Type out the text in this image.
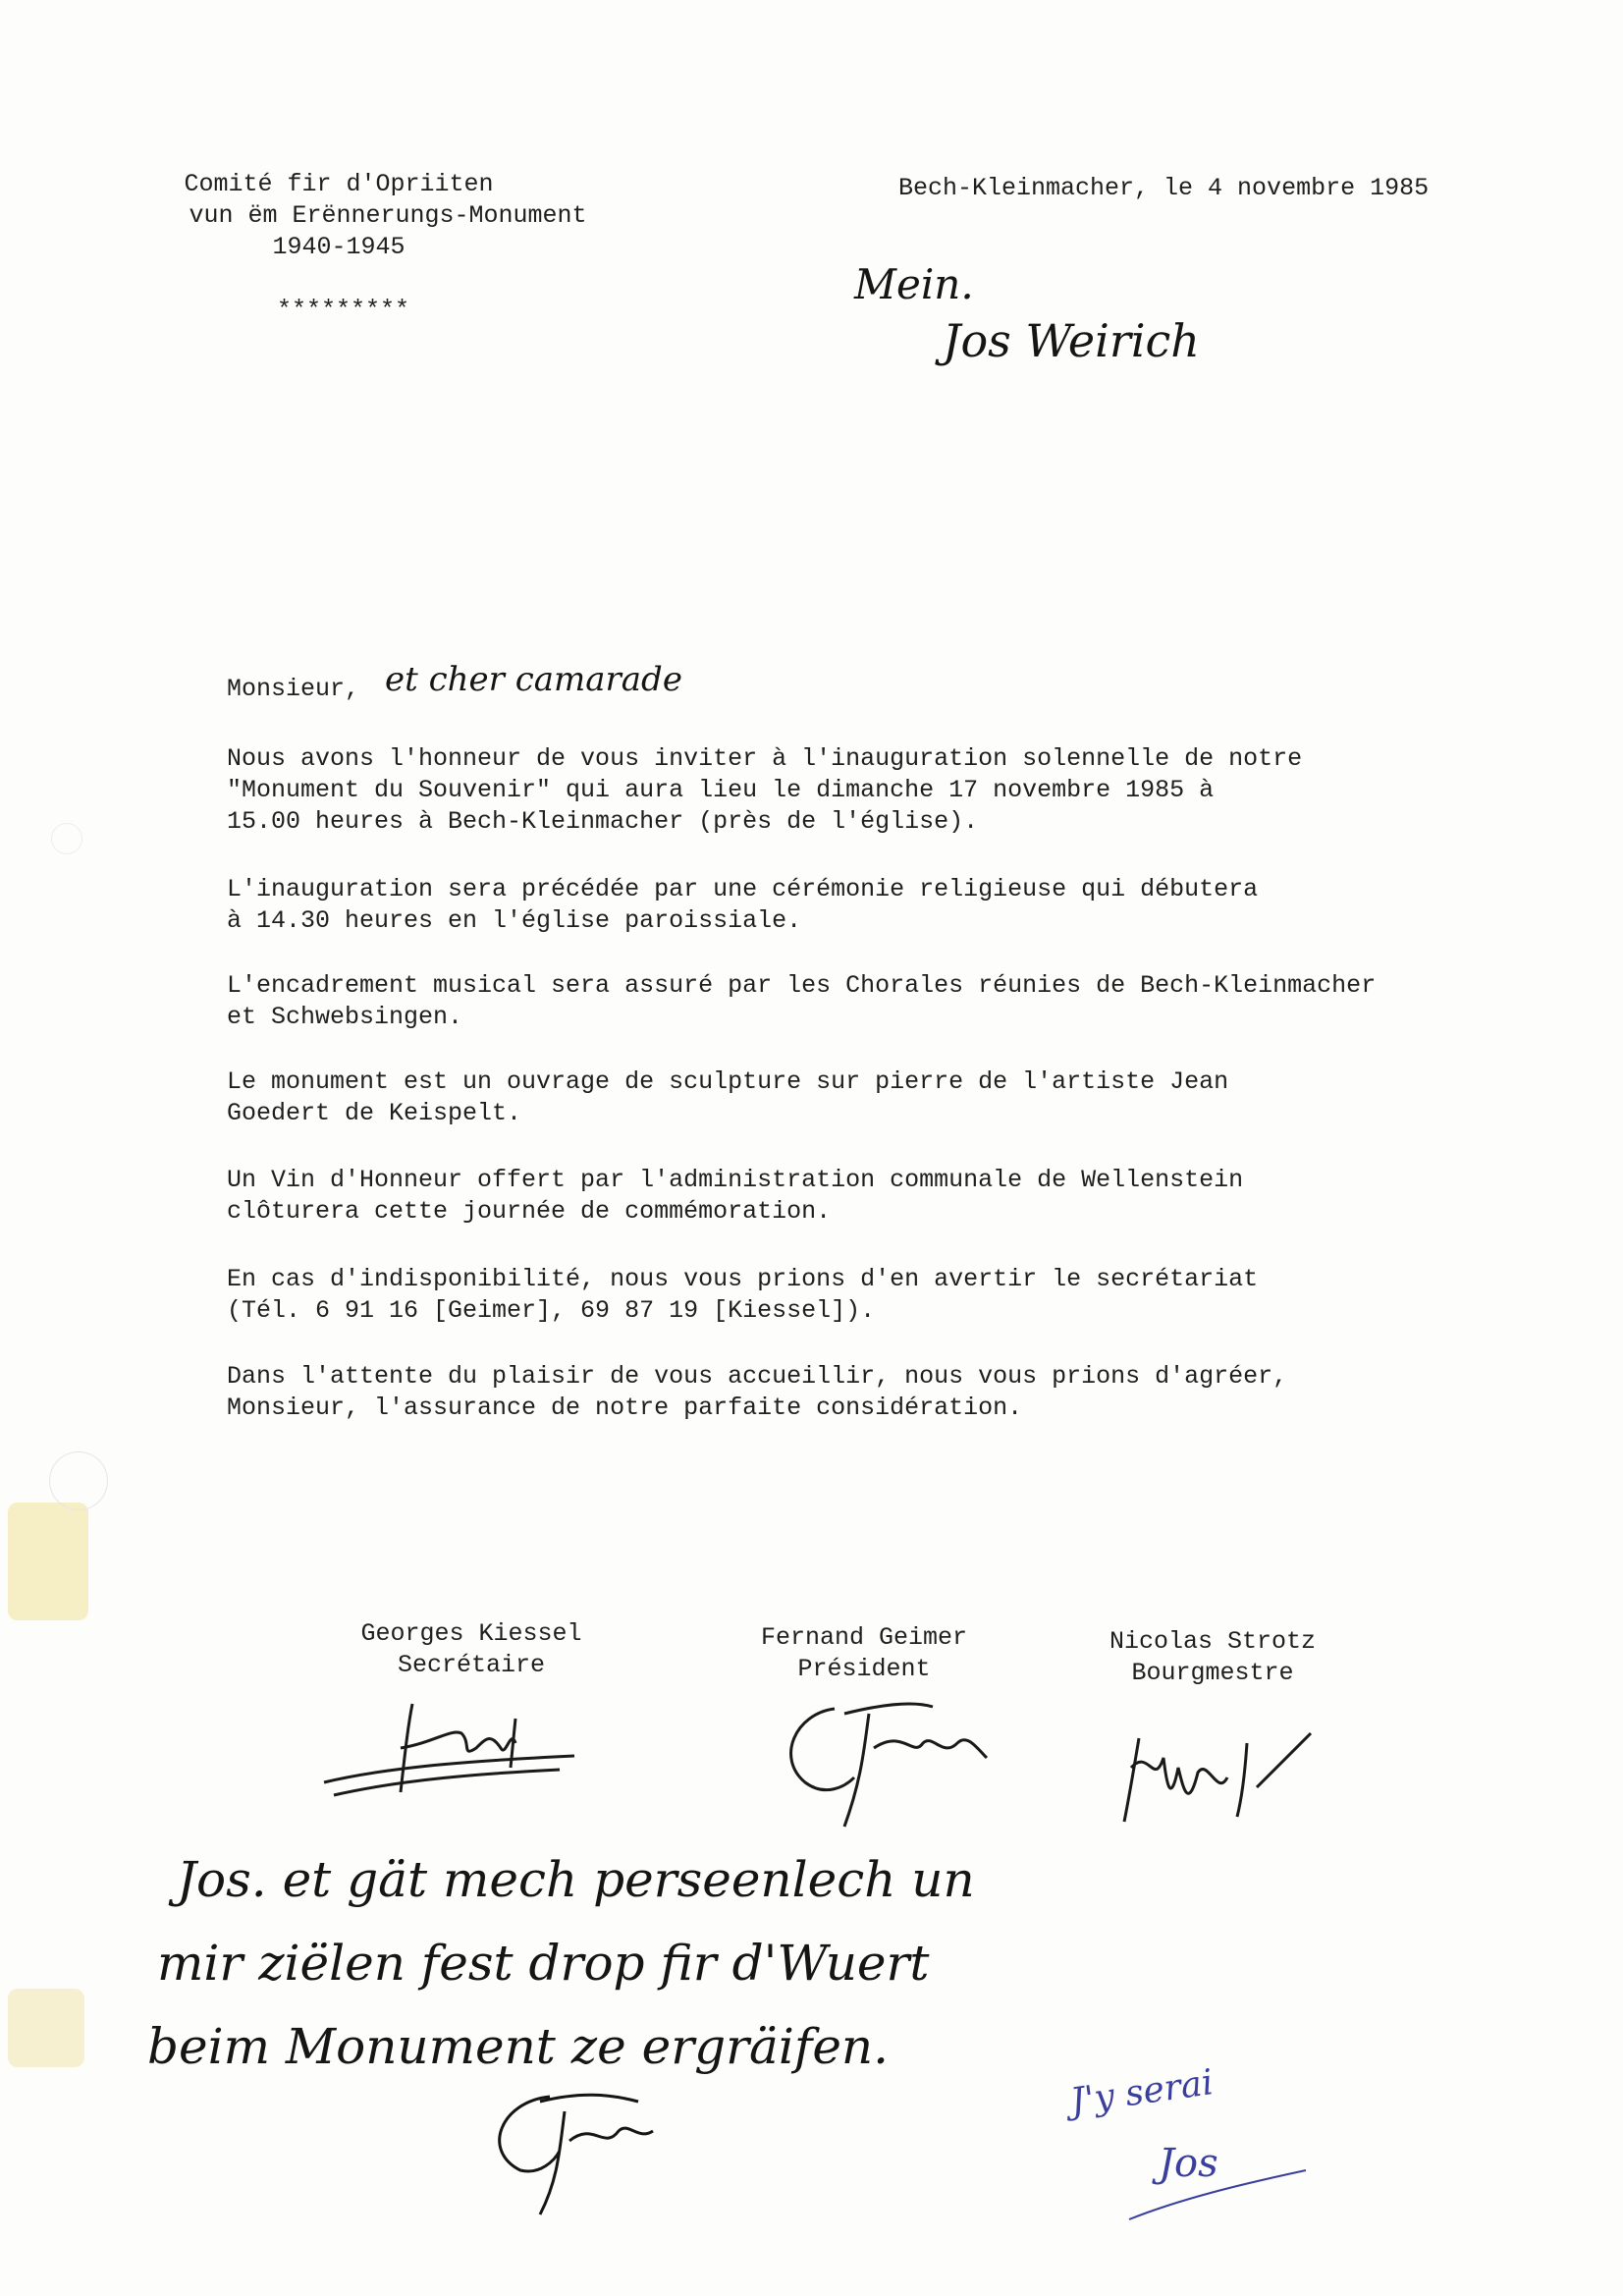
Comité fir d'Opriiten
vun ëm Erënnerungs-Monument
1940-1945
*********
Bech-Kleinmacher, le 4 novembre 1985
Mein.
Jos Weirich
Monsieur, et cher camarade
Nous avons l'honneur de vous inviter à l'inauguration solennelle de notre
"Monument du Souvenir" qui aura lieu le dimanche 17 novembre 1985 à
15.00 heures à Bech-Kleinmacher (près de l'église).
L'inauguration sera précédée par une cérémonie religieuse qui débutera
à 14.30 heures en l'église paroissiale.
L'encadrement musical sera assuré par les Chorales réunies de Bech-Kleinmacher
et Schwebsingen.
Le monument est un ouvrage de sculpture sur pierre de l'artiste Jean
Goedert de Keispelt.
Un Vin d'Honneur offert par l'administration communale de Wellenstein
clôturera cette journée de commémoration.
En cas d'indisponibilité, nous vous prions d'en avertir le secrétariat
(Tél. 6 91 16 [Geimer], 69 87 19 [Kiessel]).
Dans l'attente du plaisir de vous accueillir, nous vous prions d'agréer,
Monsieur, l'assurance de notre parfaite considération.
Georges Kiessel
Secrétaire
Fernand Geimer
Président
Nicolas Strotz
Bourgmestre
Jos. et gät mech perseenlech un
mir ziëlen fest drop fir d'Wuert
beim Monument ze ergräifen.
J'y serai
Jos
